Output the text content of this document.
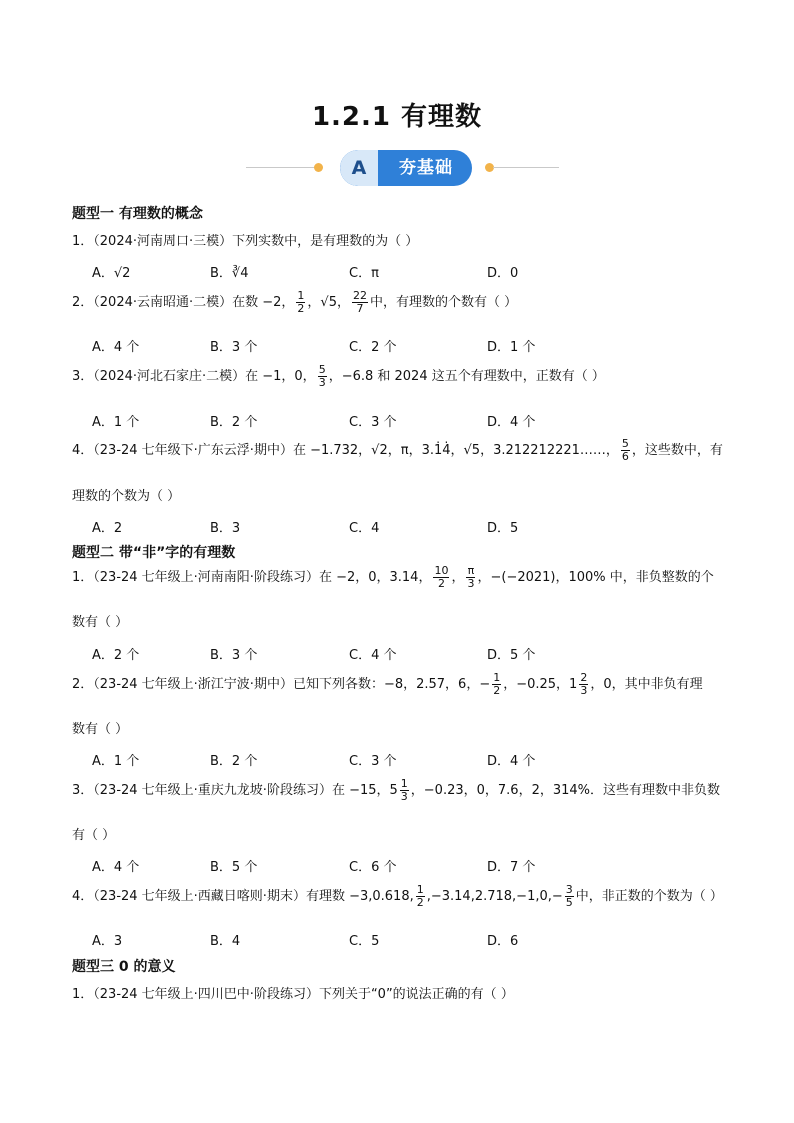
1.2.1 有理数
A	夯基础
题型一 有理数的概念
1．（2024·河南周口·三模）下列实数中，是有理数的为（ ）
A．√2	B．∛4	C．π	D．0
2．（2024·云南昭通·二模）在数 −2， $\frac{1}{2}$ ，√5， $\frac{22}{7}$ 中，有理数的个数有（ ）
A．4 个	B．3 个	C．2 个	D．1 个
3．（2024·河北石家庄·二模）在 −1，0， $\frac{5}{3}$ ，−6.8 和 2024 这五个有理数中，正数有（ ）
A．1 个	B．2 个	C．3 个	D．4 个
4．（23-24 七年级下·广东云浮·期中）在 −1.732，√2，π，3.1̇4̇，√5，3.212212221……， $\frac{5}{6}$ ，这些数中，有
理数的个数为（ ）
A．2	B．3	C．4	D．5
题型二 带“非”字的有理数
1．（23-24 七年级上·河南南阳·阶段练习）在 −2，0，3.14， $\frac{10}{2}$ ， $\frac{\pi}{3}$ ，−(−2021)，100% 中，非负整数的个
数有（ ）
A．2 个	B．3 个	C．4 个	D．5 个
2．（23-24 七年级上·浙江宁波·期中）已知下列各数：−8，2.57，6，− $\frac{1}{2}$ ，−0.25，$1 \frac{2}{3}$ ，0，其中非负有理
数有（ ）
A．1 个	B．2 个	C．3 个	D．4 个
3．（23-24 七年级上·重庆九龙坡·阶段练习）在 −15，$5 \frac{1}{3}$ ，−0.23，0，7.6，2，314%．这些有理数中非负数
有（ ）
A．4 个	B．5 个	C．6 个	D．7 个
4．（23-24 七年级上·西藏日喀则·期末）有理数 −3,0.618, $\frac{1}{2} ,-3.14,2.718,-1,0,- \frac{3}{5}$ 中，非正数的个数为（ ）
A．3	B．4	C．5	D．6
题型三 0 的意义
1．（23-24 七年级上·四川巴中·阶段练习）下列关于“0”的说法正确的有（ ）
